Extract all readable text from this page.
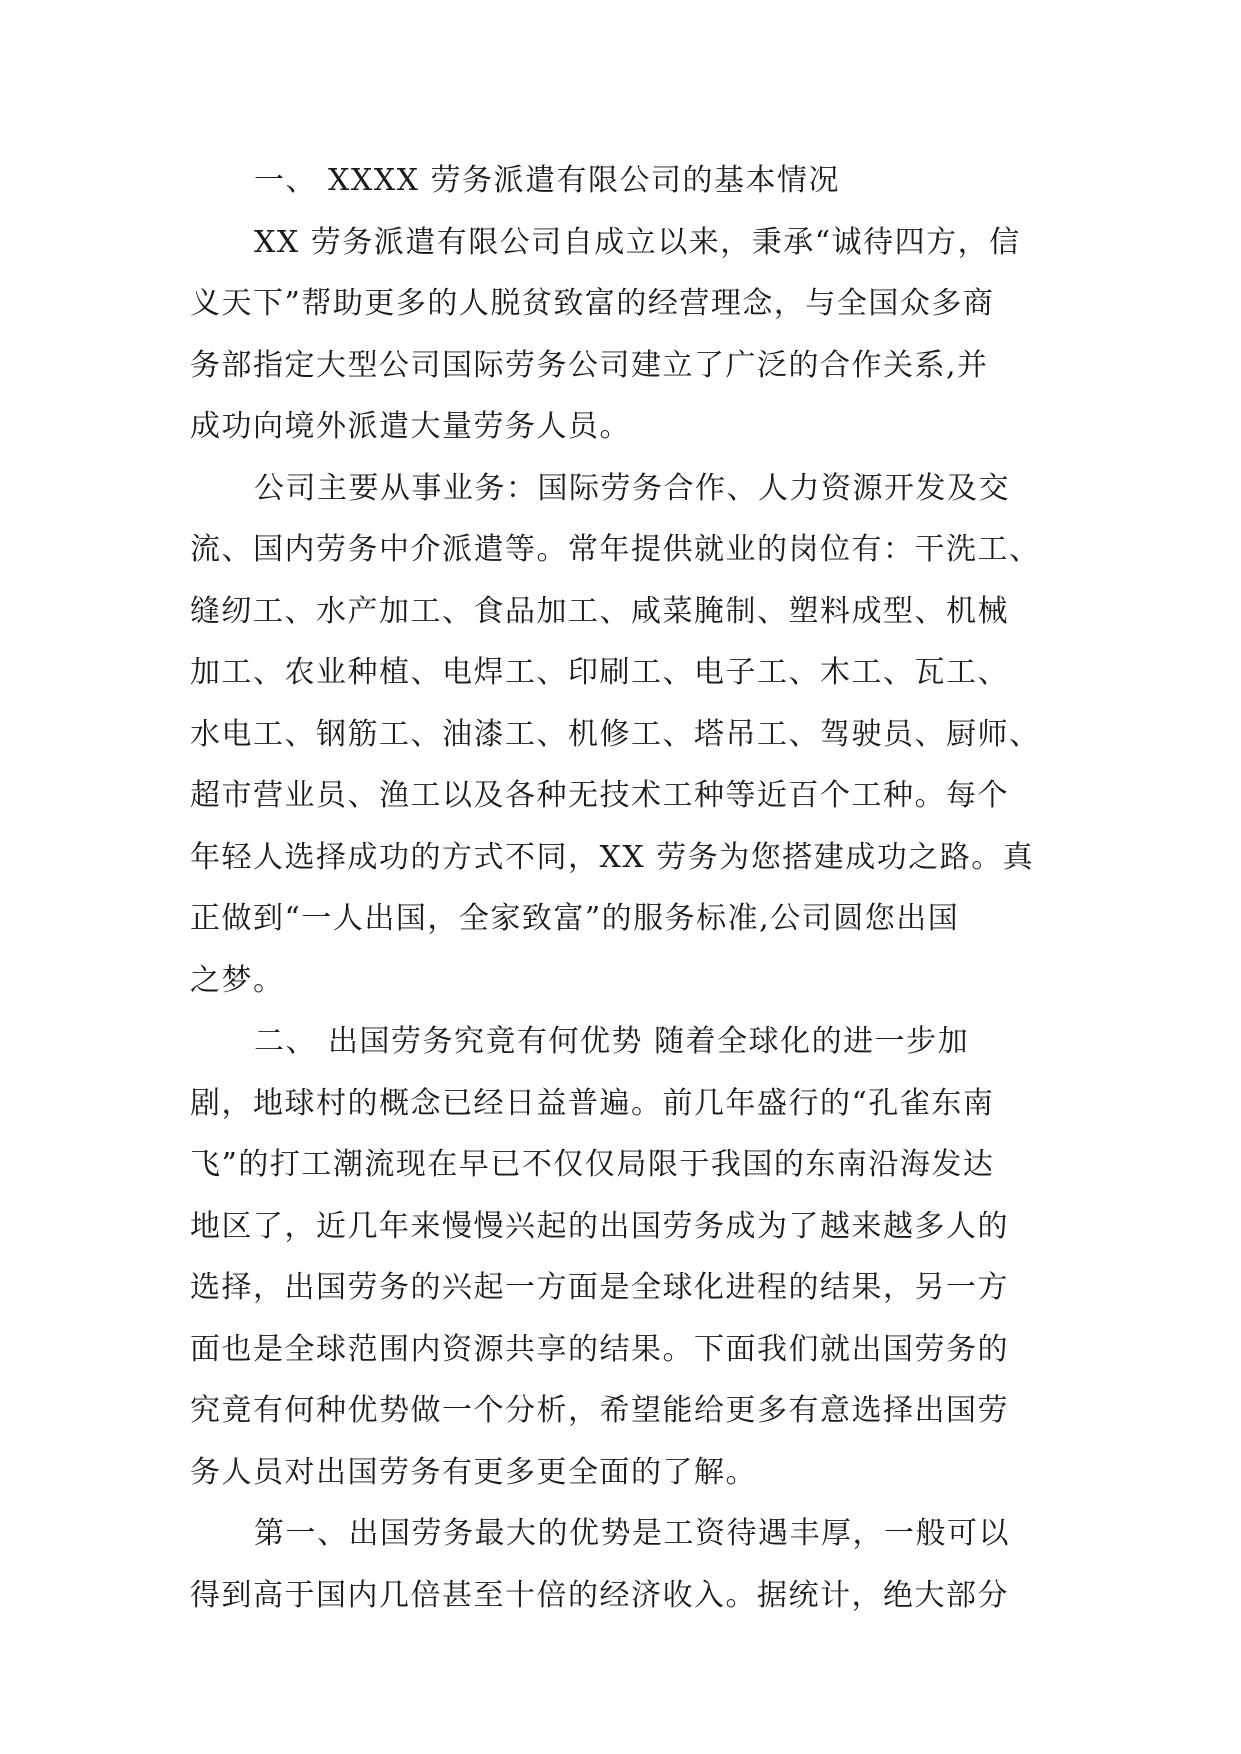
一、 XXXX 劳务派遣有限公司的基本情况
XX 劳务派遣有限公司自成立以来，秉承“诚待四方，信
义天下”帮助更多的人脱贫致富的经营理念，与全国众多商
务部指定大型公司国际劳务公司建立了广泛的合作关系,并
成功向境外派遣大量劳务人员。
公司主要从事业务：国际劳务合作、人力资源开发及交
流、国内劳务中介派遣等。常年提供就业的岗位有：干洗工、
缝纫工、水产加工、食品加工、咸菜腌制、塑料成型、机械
加工、农业种植、电焊工、印刷工、电子工、木工、瓦工、
水电工、钢筋工、油漆工、机修工、塔吊工、驾驶员、厨师、
超市营业员、渔工以及各种无技术工种等近百个工种。每个
年轻人选择成功的方式不同，XX 劳务为您搭建成功之路。真
正做到“一人出国，全家致富”的服务标准,公司圆您出国
之梦。
二、 出国劳务究竟有何优势 随着全球化的进一步加
剧，地球村的概念已经日益普遍。前几年盛行的“孔雀东南
飞”的打工潮流现在早已不仅仅局限于我国的东南沿海发达
地区了，近几年来慢慢兴起的出国劳务成为了越来越多人的
选择，出国劳务的兴起一方面是全球化进程的结果，另一方
面也是全球范围内资源共享的结果。下面我们就出国劳务的
究竟有何种优势做一个分析，希望能给更多有意选择出国劳
务人员对出国劳务有更多更全面的了解。
第一、出国劳务最大的优势是工资待遇丰厚，一般可以
得到高于国内几倍甚至十倍的经济收入。据统计，绝大部分
